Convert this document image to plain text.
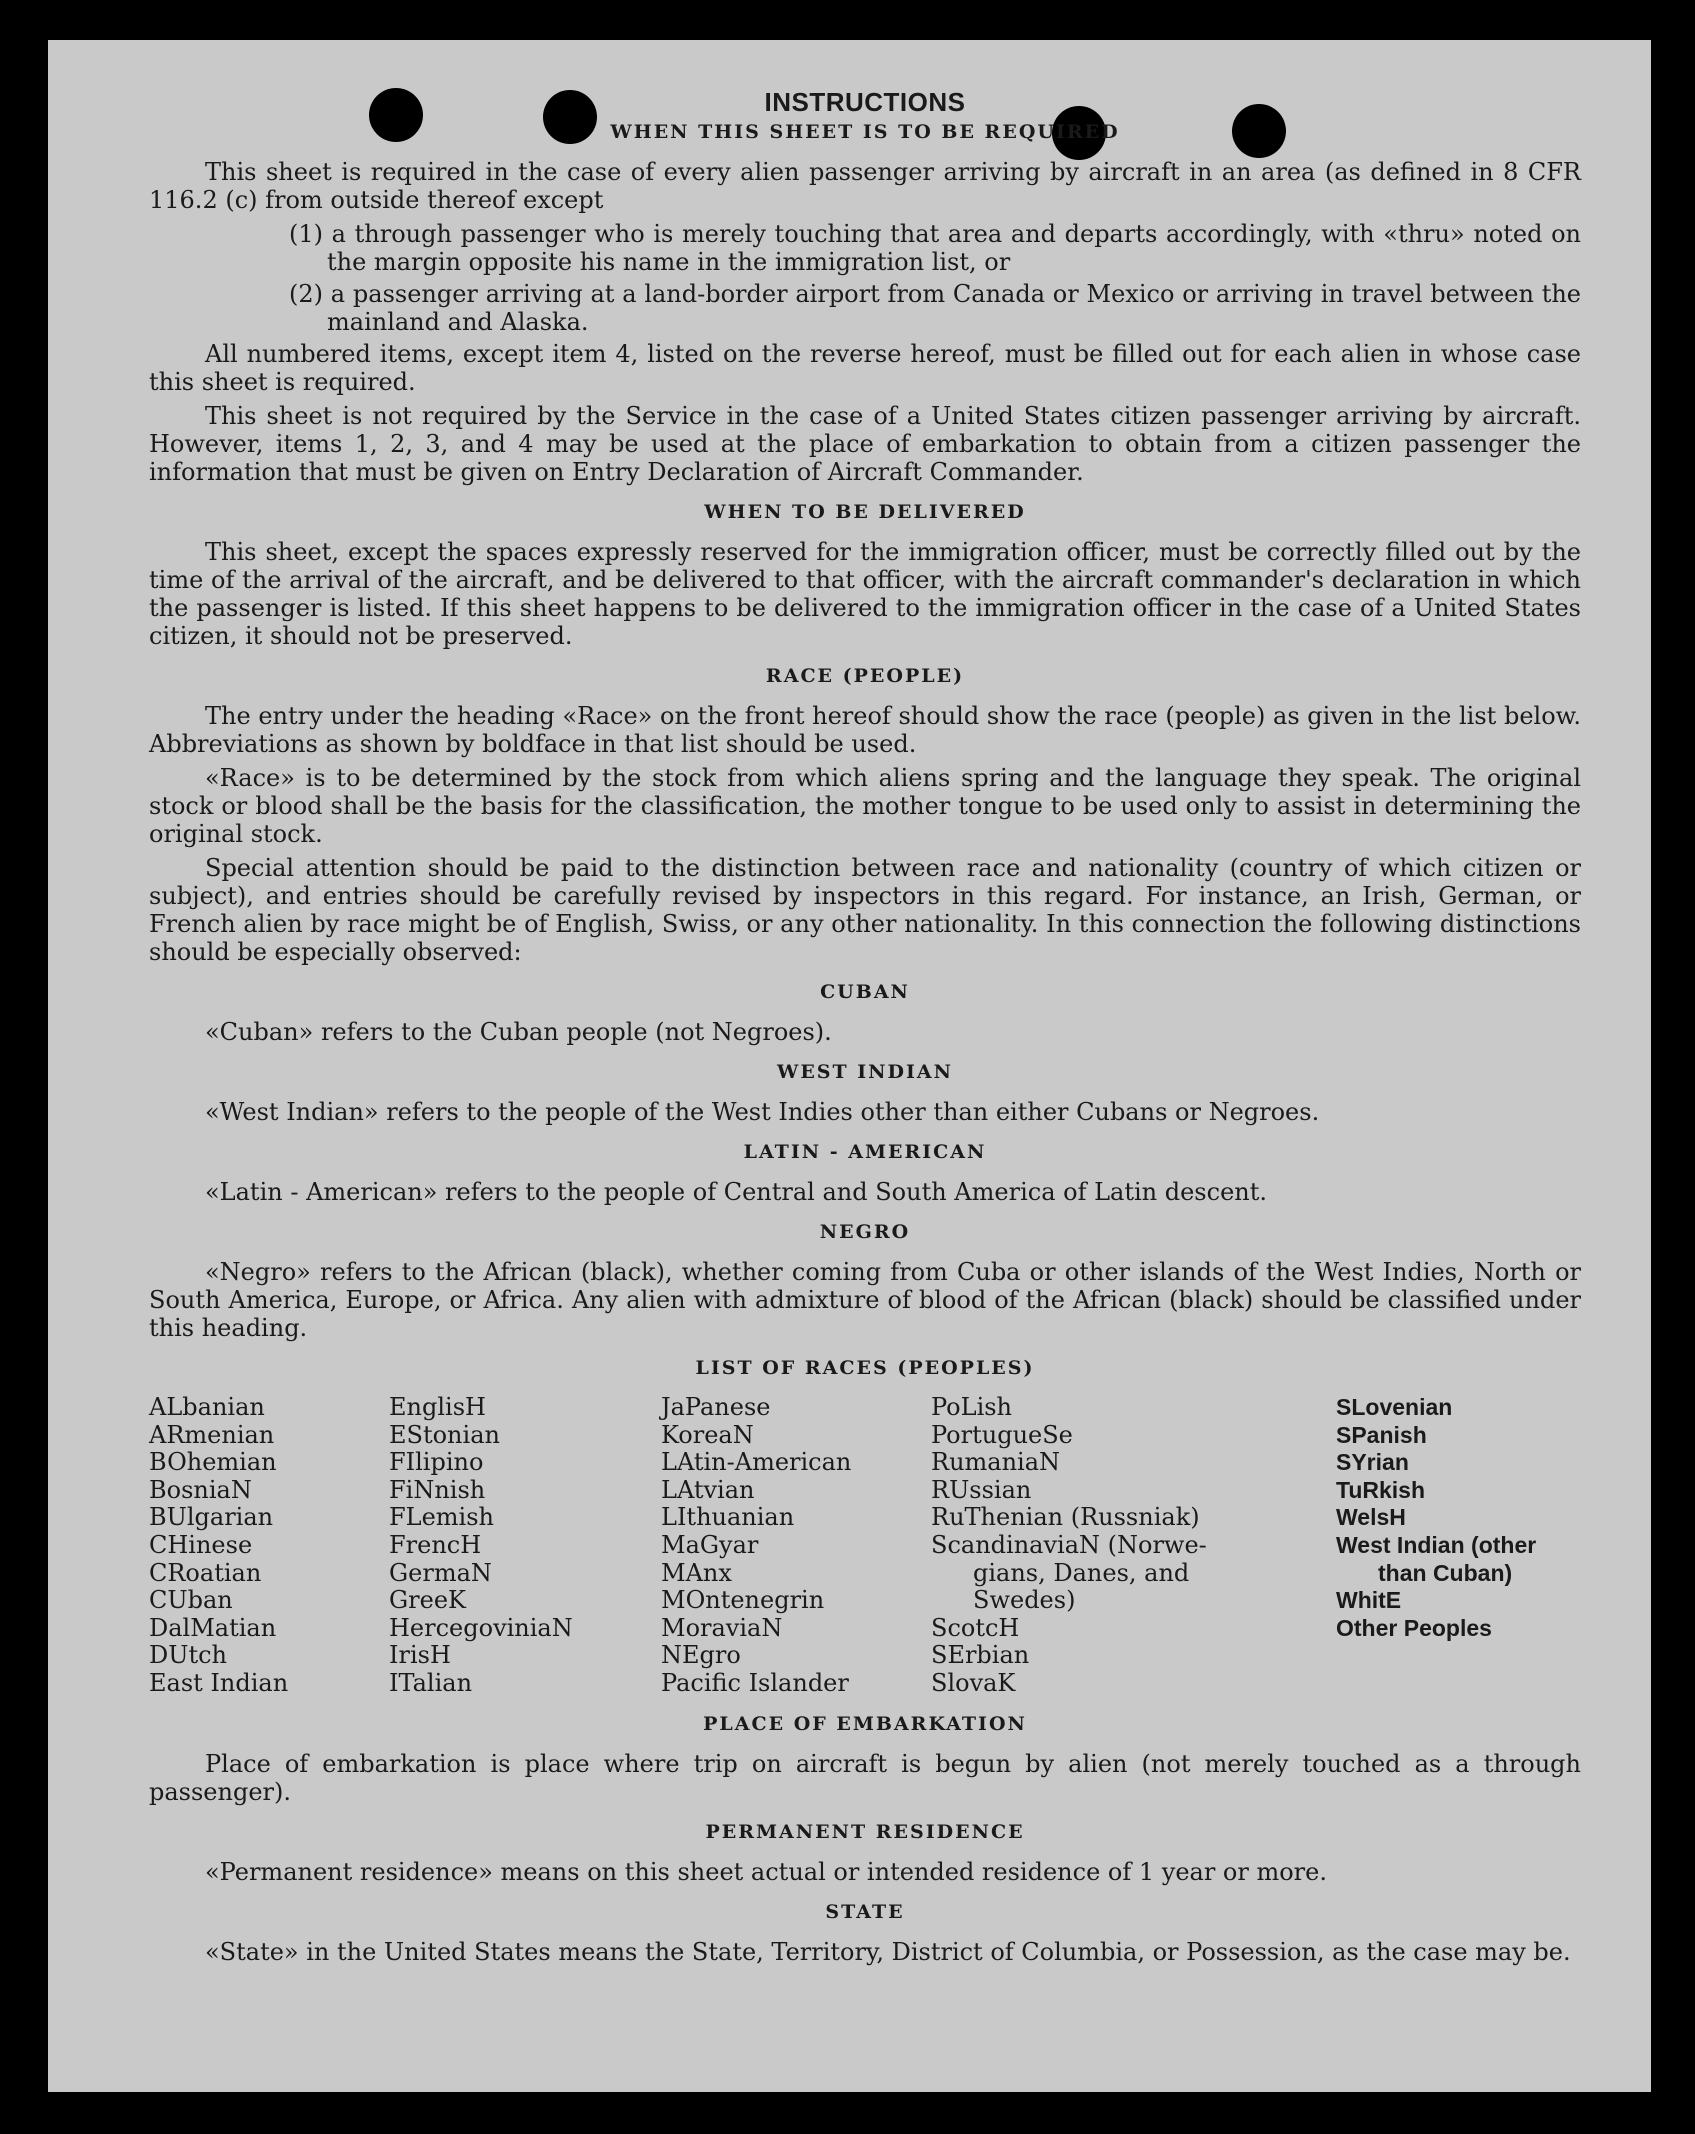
INSTRUCTIONS
WHEN THIS SHEET IS TO BE REQUIRED

This sheet is required in the case of every alien passenger arriving by aircraft in an area (as defined in 8 CFR 116.2 (c) from outside thereof except

(1) a through passenger who is merely touching that area and departs accordingly, with «thru» noted on the margin opposite his name in the immigration list, or
(2) a passenger arriving at a land-border airport from Canada or Mexico or arriving in travel between the mainland and Alaska.

All numbered items, except item 4, listed on the reverse hereof, must be filled out for each alien in whose case this sheet is required.

This sheet is not required by the Service in the case of a United States citizen passenger arriving by aircraft. However, items 1, 2, 3, and 4 may be used at the place of embarkation to obtain from a citizen passenger the information that must be given on Entry Declaration of Aircraft Commander.

WHEN TO BE DELIVERED

This sheet, except the spaces expressly reserved for the immigration officer, must be correctly filled out by the time of the arrival of the aircraft, and be delivered to that officer, with the aircraft commander's declaration in which the passenger is listed. If this sheet happens to be delivered to the immigration officer in the case of a United States citizen, it should not be preserved.

RACE (PEOPLE)

The entry under the heading «Race» on the front hereof should show the race (people) as given in the list below. Abbreviations as shown by boldface in that list should be used.

«Race» is to be determined by the stock from which aliens spring and the language they speak. The original stock or blood shall be the basis for the classification, the mother tongue to be used only to assist in determining the original stock.

Special attention should be paid to the distinction between race and nationality (country of which citizen or subject), and entries should be carefully revised by inspectors in this regard. For instance, an Irish, German, or French alien by race might be of English, Swiss, or any other nationality. In this connection the following distinctions should be especially observed:

CUBAN

«Cuban» refers to the Cuban people (not Negroes).

WEST INDIAN

«West Indian» refers to the people of the West Indies other than either Cubans or Negroes.

LATIN - AMERICAN

«Latin - American» refers to the people of Central and South America of Latin descent.

NEGRO

«Negro» refers to the African (black), whether coming from Cuba or other islands of the West Indies, North or South America, Europe, or Africa. Any alien with admixture of blood of the African (black) should be classified under this heading.

LIST OF RACES (PEOPLES)
ALbanian
ARmenian
BOhemian
BosniaN
BUlgarian
CHinese
CRoatian
CUban
DalMatian
DUtch
East Indian
EnglisH
EStonian
FIlipino
FiNnish
FLemish
FrencH
GermaN
GreeK
HercegoviniaN
IrisH
ITalian
JaPanese
KoreaN
LAtin-American
LAtvian
LIthuanian
MaGyar
MAnx
MOntenegrin
MoraviaN
NEgro
Pacific Islander
PoLish
PortugueSe
RumaniaN
RUssian
RuThenian (Russniak)
ScandinaviaN (Norwe-
gians, Danes, and
Swedes)
ScotcH
SErbian
SlovaK
SLovenian
SPanish
SYrian
TuRkish
WelsH
West Indian (other
than Cuban)
WhitE
Other Peoples
PLACE OF EMBARKATION

Place of embarkation is place where trip on aircraft is begun by alien (not merely touched as a through passenger).

PERMANENT RESIDENCE

«Permanent residence» means on this sheet actual or intended residence of 1 year or more.

STATE

«State» in the United States means the State, Territory, District of Columbia, or Possession, as the case may be.
